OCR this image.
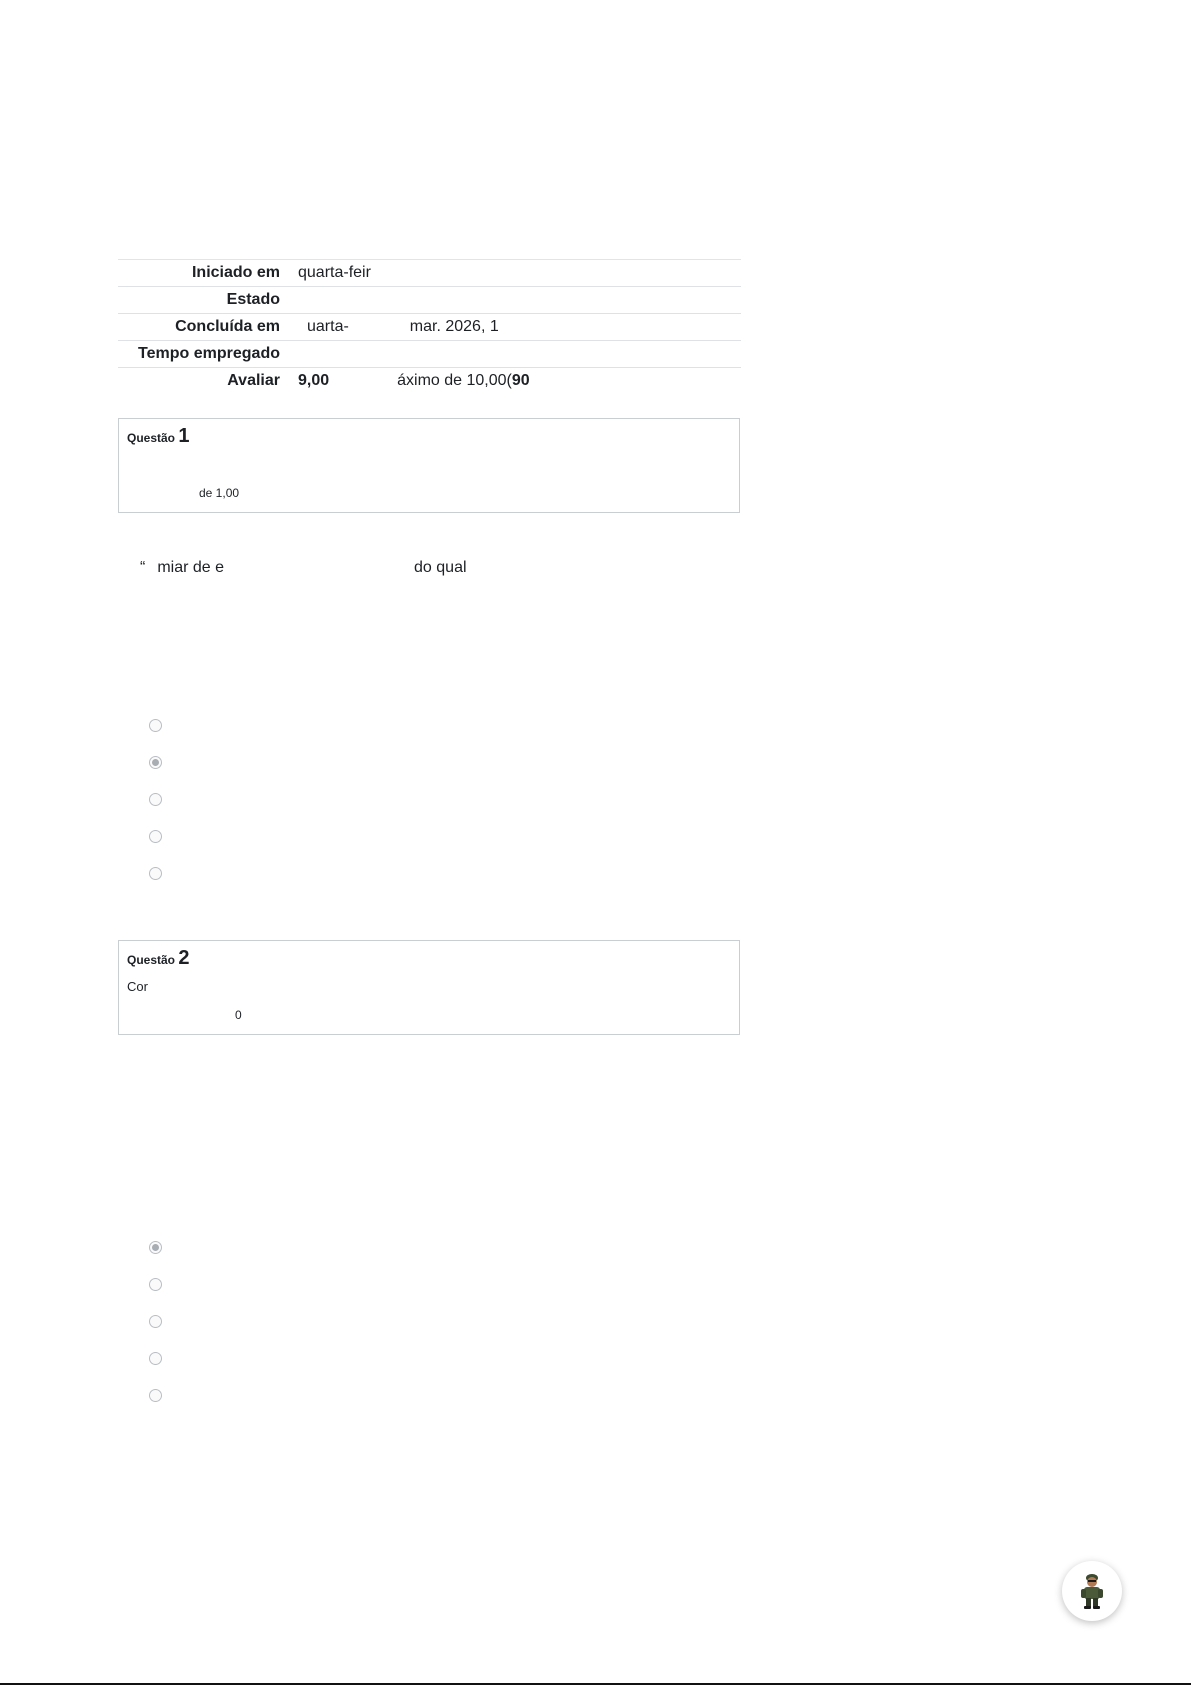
Iniciado em	quarta-feir
Estado	
Concluída em	uarta- mar. 2026, 1
Tempo empregado	
Avaliar	9,00 áximo de 10,00(90
Questão 1
de 1,00
“ miar de e	do qual
Questão 2
Cor
0
